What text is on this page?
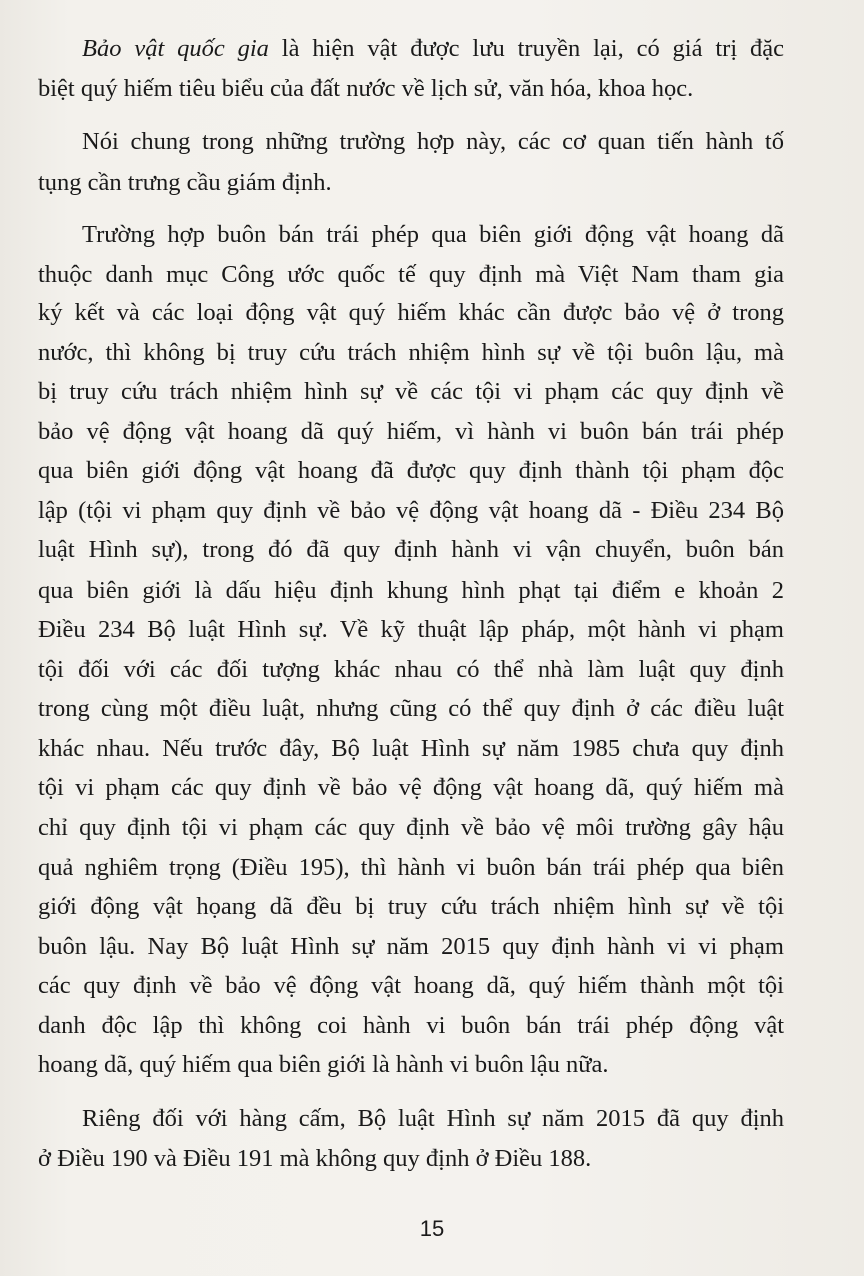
Bảo vật quốc gia là hiện vật được lưu truyền lại, có giá trị đặc
biệt quý hiếm tiêu biểu của đất nước về lịch sử, văn hóa, khoa học.
Nói chung trong những trường hợp này, các cơ quan tiến hành tố
tụng cần trưng cầu giám định.
Trường hợp buôn bán trái phép qua biên giới động vật hoang dã
thuộc danh mục Công ước quốc tế quy định mà Việt Nam tham gia
ký kết và các loại động vật quý hiếm khác cần được bảo vệ ở trong
nước, thì không bị truy cứu trách nhiệm hình sự về tội buôn lậu, mà
bị truy cứu trách nhiệm hình sự về các tội vi phạm các quy định về
bảo vệ động vật hoang dã quý hiếm, vì hành vi buôn bán trái phép
qua biên giới động vật hoang đã được quy định thành tội phạm độc
lập (tội vi phạm quy định về bảo vệ động vật hoang dã - Điều 234 Bộ
luật Hình sự), trong đó đã quy định hành vi vận chuyển, buôn bán
qua biên giới là dấu hiệu định khung hình phạt tại điểm e khoản 2
Điều 234 Bộ luật Hình sự. Về kỹ thuật lập pháp, một hành vi phạm
tội đối với các đối tượng khác nhau có thể nhà làm luật quy định
trong cùng một điều luật, nhưng cũng có thể quy định ở các điều luật
khác nhau. Nếu trước đây, Bộ luật Hình sự năm 1985 chưa quy định
tội vi phạm các quy định về bảo vệ động vật hoang dã, quý hiếm mà
chỉ quy định tội vi phạm các quy định về bảo vệ môi trường gây hậu
quả nghiêm trọng (Điều 195), thì hành vi buôn bán trái phép qua biên
giới động vật họang dã đều bị truy cứu trách nhiệm hình sự về tội
buôn lậu. Nay Bộ luật Hình sự năm 2015 quy định hành vi vi phạm
các quy định về bảo vệ động vật hoang dã, quý hiếm thành một tội
danh độc lập thì không coi hành vi buôn bán trái phép động vật
hoang dã, quý hiếm qua biên giới là hành vi buôn lậu nữa.
Riêng đối với hàng cấm, Bộ luật Hình sự năm 2015 đã quy định
ở Điều 190 và Điều 191 mà không quy định ở Điều 188.
15
